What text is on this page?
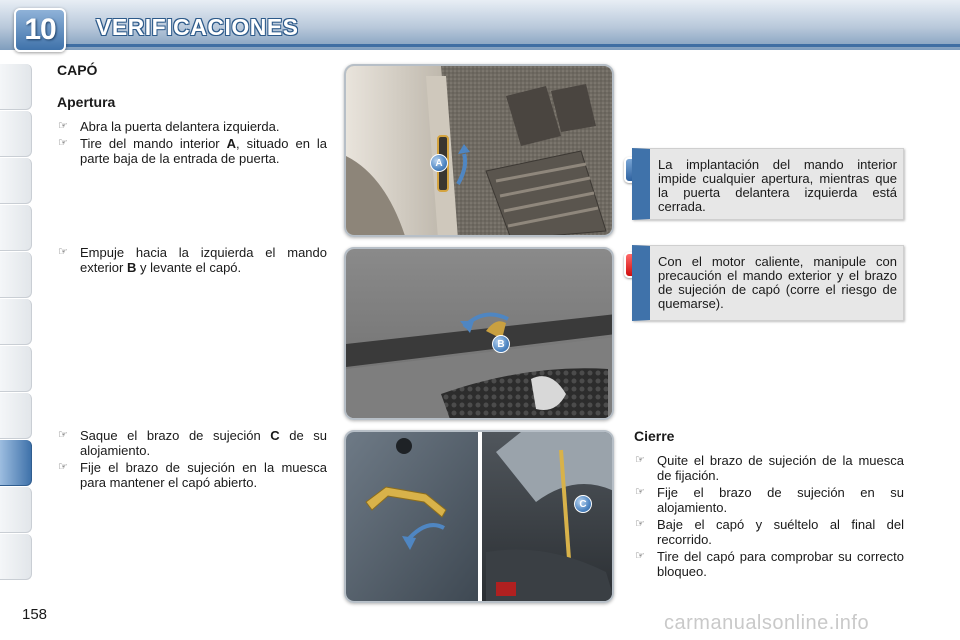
10 VERIFICACIONES
CAPÓ
Apertura
☞ Abra la puerta delantera izquierda.
☞ Tire del mando interior A, situado en la parte baja de la entrada de puerta.
☞ Empuje hacia la izquierda el mando exterior B y levante el capó.
☞ Saque el brazo de sujeción C de su alojamiento.
☞ Fije el brazo de sujeción en la muesca para mantener el capó abierto.
A
B
C
La implantación del mando interior impide cualquier apertura, mientras que la puerta delantera izquierda está cerrada.
Con el motor caliente, manipule con precaución el mando exterior y el brazo de sujeción de capó (corre el riesgo de quemarse).
Cierre
☞ Quite el brazo de sujeción de la muesca de fijación.
☞ Fije el brazo de sujeción en su alojamiento.
☞ Baje el capó y suéltelo al final del recorrido.
☞ Tire del capó para comprobar su correcto bloqueo.
158	carmanualsonline.info
